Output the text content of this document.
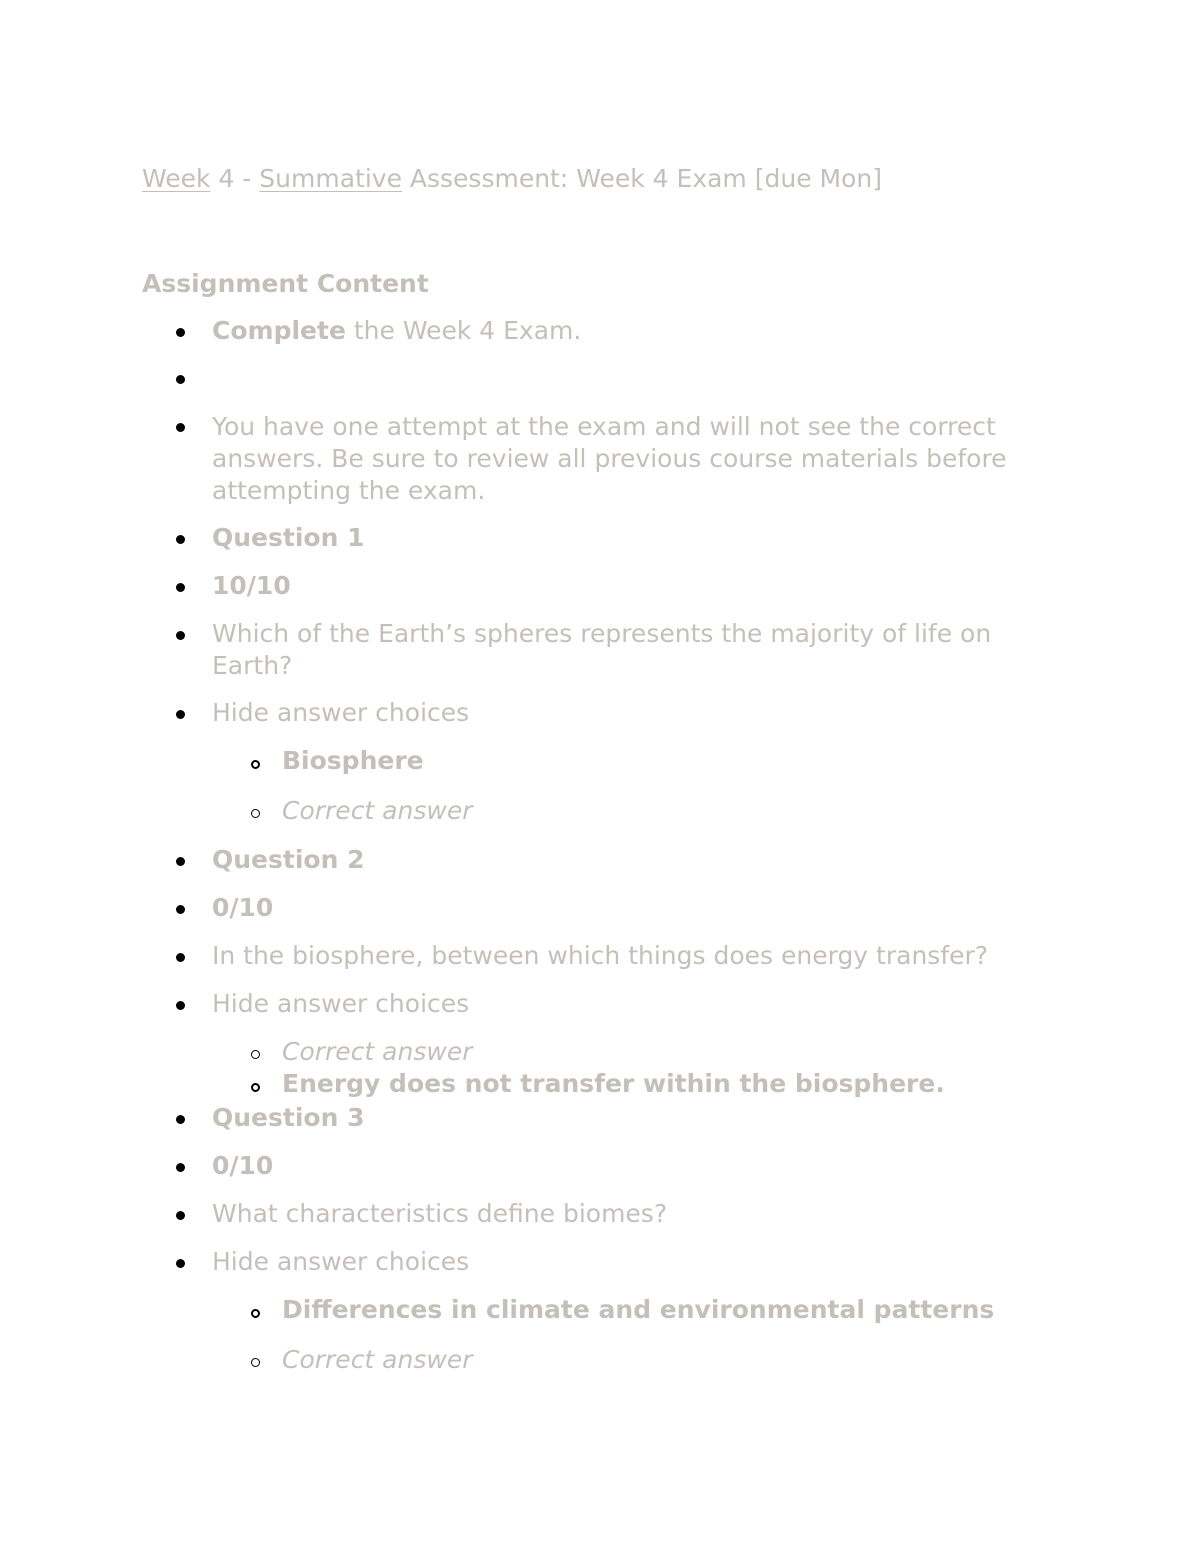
Week 4 - Summative Assessment: Week 4 Exam [due Mon]
Assignment Content
Complete the Week 4 Exam.
You have one attempt at the exam and will not see the correct answers. Be sure to review all previous course materials before attempting the exam.
Question 1
10/10
Which of the Earth’s spheres represents the majority of life on Earth?
Hide answer choices
Biosphere
Correct answer
Question 2
0/10
In the biosphere, between which things does energy transfer?
Hide answer choices
Correct answer
Energy does not transfer within the biosphere.
Question 3
0/10
What characteristics define biomes?
Hide answer choices
Differences in climate and environmental patterns
Correct answer
